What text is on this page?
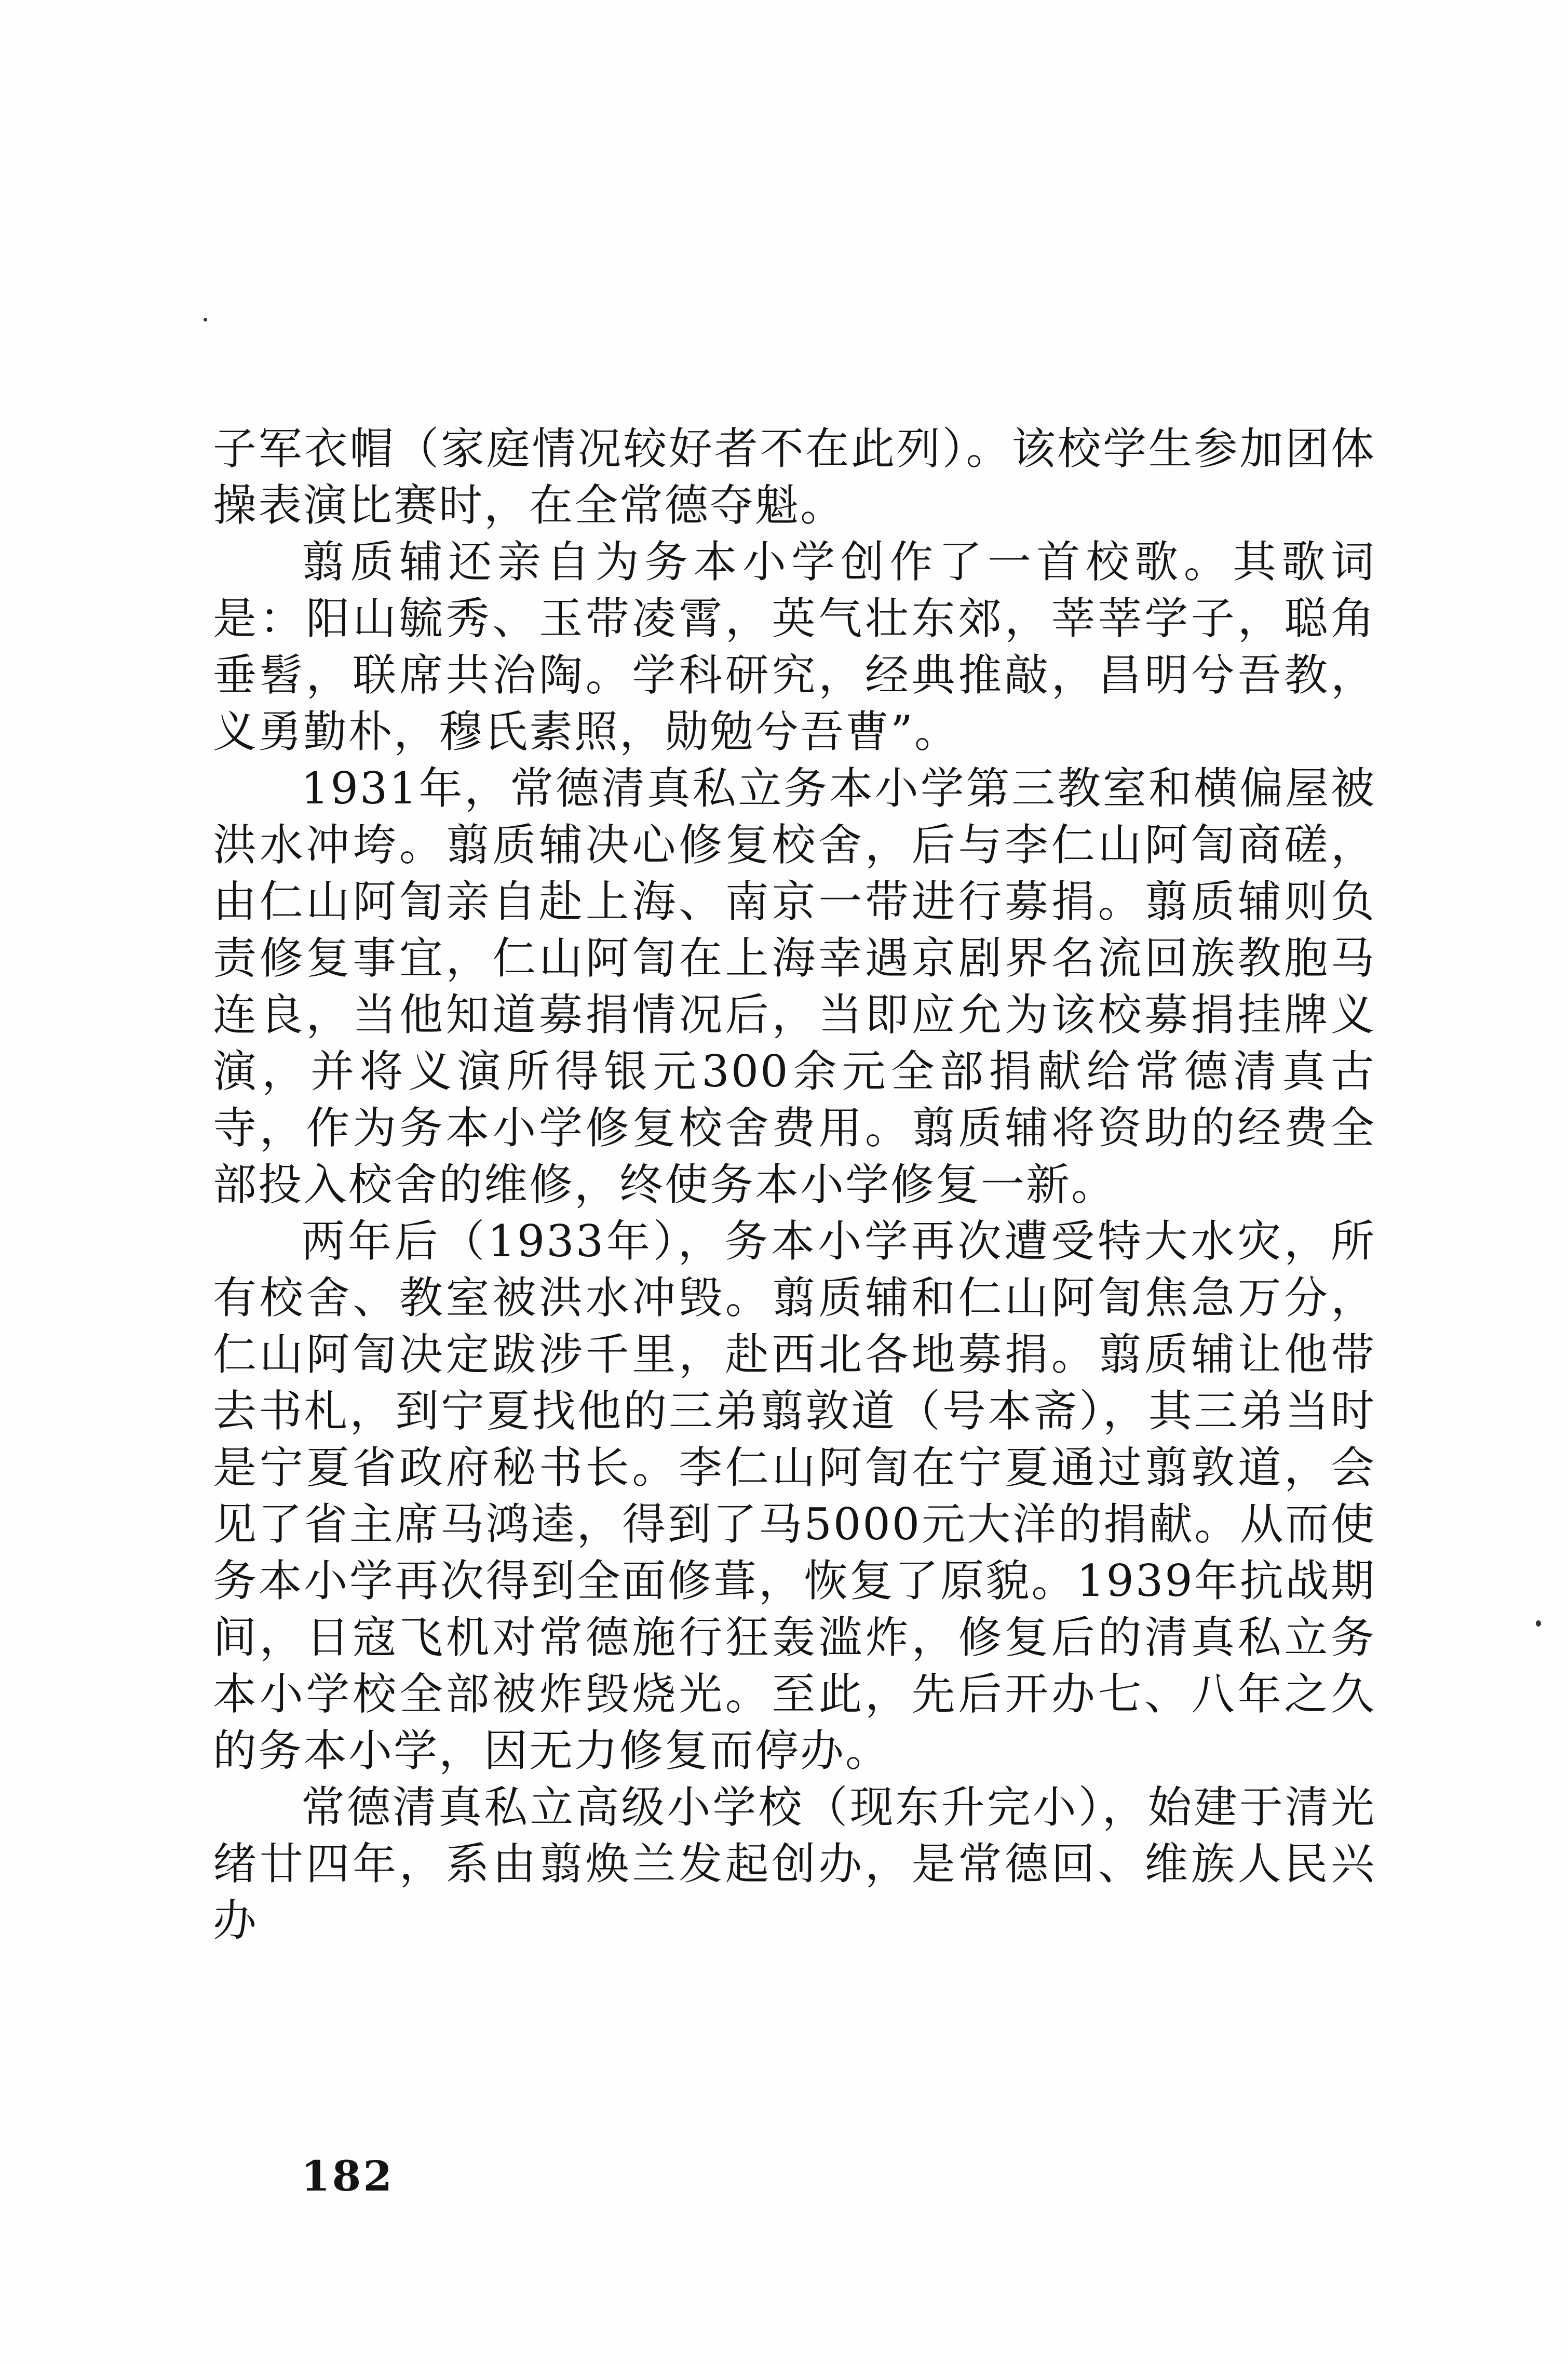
子军衣帽（家庭情况较好者不在此列）。该校学生参加团体操表演比赛时，在全常德夺魁。

翦质辅还亲自为务本小学创作了一首校歌。其歌词是：阳山毓秀、玉带凌霄，英气壮东郊，莘莘学子，聪角垂髫，联席共治陶。学科研究，经典推敲，昌明兮吾教，义勇勤朴，穆氏素照，勋勉兮吾曹”。

1931年，常德清真私立务本小学第三教室和横偏屋被洪水冲垮。翦质辅决心修复校舍，后与李仁山阿訇商磋，由仁山阿訇亲自赴上海、南京一带进行募捐。翦质辅则负责修复事宜，仁山阿訇在上海幸遇京剧界名流回族教胞马连良，当他知道募捐情况后，当即应允为该校募捐挂牌义演，并将义演所得银元300余元全部捐献给常德清真古寺，作为务本小学修复校舍费用。翦质辅将资助的经费全部投入校舍的维修，终使务本小学修复一新。

两年后（1933年），务本小学再次遭受特大水灾，所有校舍、教室被洪水冲毁。翦质辅和仁山阿訇焦急万分，仁山阿訇决定跋涉千里，赴西北各地募捐。翦质辅让他带去书札，到宁夏找他的三弟翦敦道（号本斋），其三弟当时是宁夏省政府秘书长。李仁山阿訇在宁夏通过翦敦道，会见了省主席马鸿逵，得到了马5000元大洋的捐献。从而使务本小学再次得到全面修葺，恢复了原貌。1939年抗战期间，日寇飞机对常德施行狂轰滥炸，修复后的清真私立务本小学校全部被炸毁烧光。至此，先后开办七、八年之久的务本小学，因无力修复而停办。

常德清真私立高级小学校（现东升完小），始建于清光绪廿四年，系由翦焕兰发起创办，是常德回、维族人民兴办

182
